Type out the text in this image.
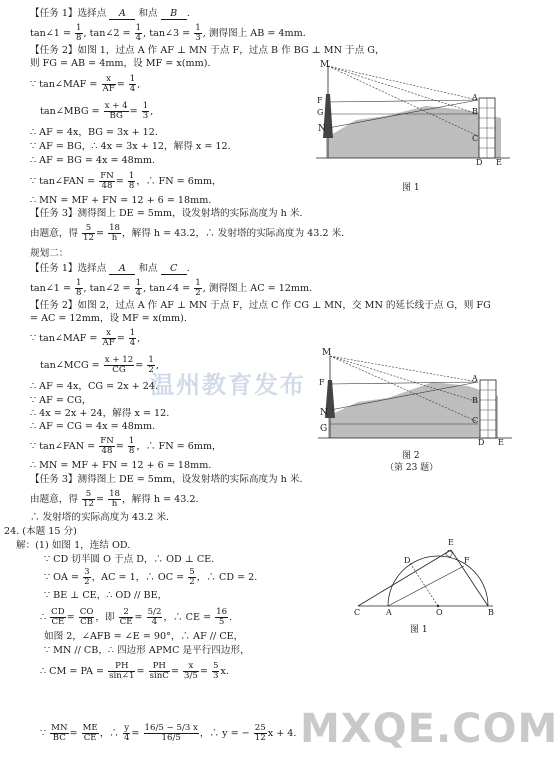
【任务 1】选择点 A 和点 B .
tan∠1 = $\frac{1}{8}$ , tan∠2 = $\frac{1}{4}$ , tan∠3 = $\frac{1}{3}$ , 测得图上 AB = 4mm.
【任务 2】如图 1，过点 A 作 AF ⊥ MN 于点 F，过点 B 作 BG ⊥ MN 于点 G，
则 FG = AB = 4mm，设 MF = x(mm).
∵ tan∠MAF = $\frac{x}{AF} = \frac{1}{4}$ ,
tan∠MBG = $\frac{x + 4}{BG} = \frac{1}{3}$ ,
∴ AF = 4x，BG = 3x + 12.
∵ AF = BG，∴ 4x = 3x + 12，解得 x = 12.
∴ AF = BG = 4x = 48mm.
∵ tan∠FAN = $\frac{FN}{48} = \frac{1}{8}$ ，∴ FN = 6mm，
∴ MN = MF + FN = 12 + 6 = 18mm.
【任务 3】测得图上 DE = 5mm，设发射塔的实际高度为 h 米.
由题意，得 $\frac{5}{12} = \frac{18}{h}$ ，解得 h = 43.2，∴ 发射塔的实际高度为 43.2 米.
M
F
G
N
A
B
C
D E
图 1
规划二：
【任务 1】选择点 A 和点 C .
tan∠1 = $\frac{1}{8}$ , tan∠2 = $\frac{1}{4}$ , tan∠4 = $\frac{1}{2}$ , 测得图上 AC = 12mm.
【任务 2】如图 2，过点 A 作 AF ⊥ MN 于点 F，过点 C 作 CG ⊥ MN，交 MN 的延长线于点 G，则 FG
= AC = 12mm，设 MF = x(mm).
∵ tan∠MAF = $\frac{x}{AF} = \frac{1}{4}$ ,
tan∠MCG = $\frac{x + 12}{CG} = \frac{1}{2}$ ,
∴ AF = 4x，CG = 2x + 24.
∵ AF = CG，
∴ 4x = 2x + 24，解得 x = 12.
∴ AF = CG = 4x = 48mm.
∵ tan∠FAN = $\frac{FN}{48} = \frac{1}{8}$ ，∴ FN = 6mm，
∴ MN = MF + FN = 12 + 6 = 18mm.
【任务 3】测得图上 DE = 5mm，设发射塔的实际高度为 h 米.
由题意，得 $\frac{5}{12} = \frac{18}{h}$ ，解得 h = 43.2.
∴ 发射塔的实际高度为 43.2 米.
M
F
N
G
A
B
C
D E
图 2
（第 23 题）
24. (本题 15 分)
解：(1) 如图 1，连结 OD.
∵ CD 切半圆 O 于点 D，∴ OD ⊥ CE.
∵ OA = $\frac{3}{2}$ ，AC = 1，∴ OC = $\frac{5}{2}$ ，∴ CD = 2.
∵ BE ⊥ CE，∴ OD // BE，
∴ $\frac{CD}{CE} = \frac{CO}{CB}$ ，即 $\frac{2}{CE} = \frac{5/2}{4}$ ，∴ CE = $\frac{16}{5}$ .
如图 2，∠AFB = ∠E = 90°，∴ AF // CE，
∵ MN // CB，∴ 四边形 APMC 是平行四边形，
∴ CM = PA = $\frac{PH}{\sin\angle 1} = \frac{PH}{\sin C} = \frac{x}{3/5} = \frac{5}{3} x$.
∵ $\frac{MN}{BC} = \frac{ME}{CE}$ ，∴ $\frac{y}{4} = \frac{16/5 - 5/3 x}{16/5}$ ，∴ y = − $\frac{25}{12}$ x + 4.
E
D	F
C	A	O	B
图 1
温州教育发布
MXQE.COM
